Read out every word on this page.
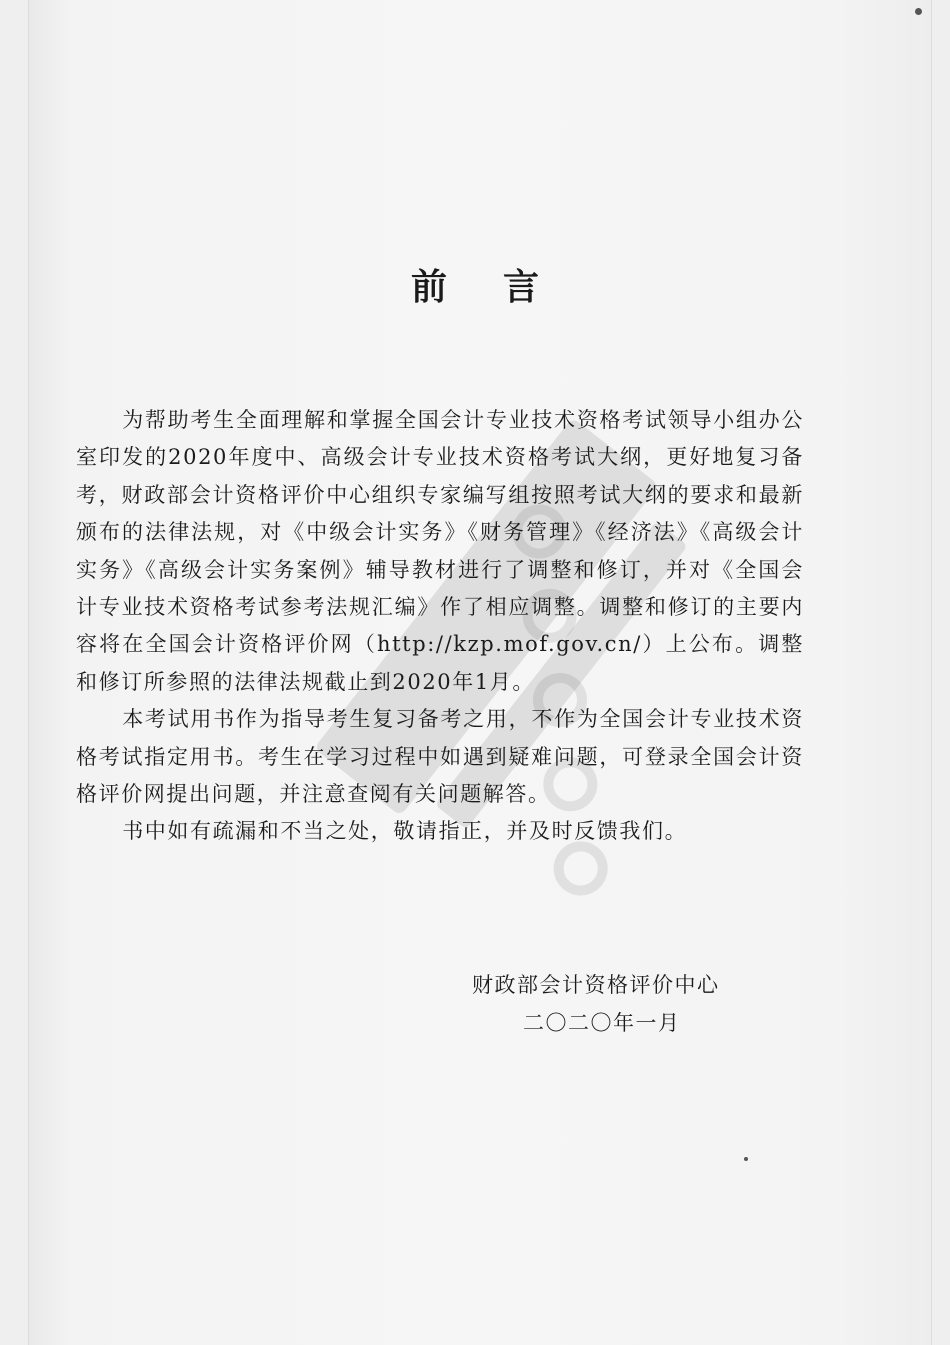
前言

为帮助考生全面理解和掌握全国会计专业技术资格考试领导小组办公室印发的2020年度中、高级会计专业技术资格考试大纲，更好地复习备考，财政部会计资格评价中心组织专家编写组按照考试大纲的要求和最新颁布的法律法规，对《中级会计实务》《财务管理》《经济法》《高级会计实务》《高级会计实务案例》辅导教材进行了调整和修订，并对《全国会计专业技术资格考试参考法规汇编》作了相应调整。调整和修订的主要内容将在全国会计资格评价网（http://kzp.mof.gov.cn/）上公布。调整和修订所参照的法律法规截止到2020年1月。

本考试用书作为指导考生复习备考之用，不作为全国会计专业技术资格考试指定用书。考生在学习过程中如遇到疑难问题，可登录全国会计资格评价网提出问题，并注意查阅有关问题解答。

书中如有疏漏和不当之处，敬请指正，并及时反馈我们。

财政部会计资格评价中心
二〇二〇年一月
